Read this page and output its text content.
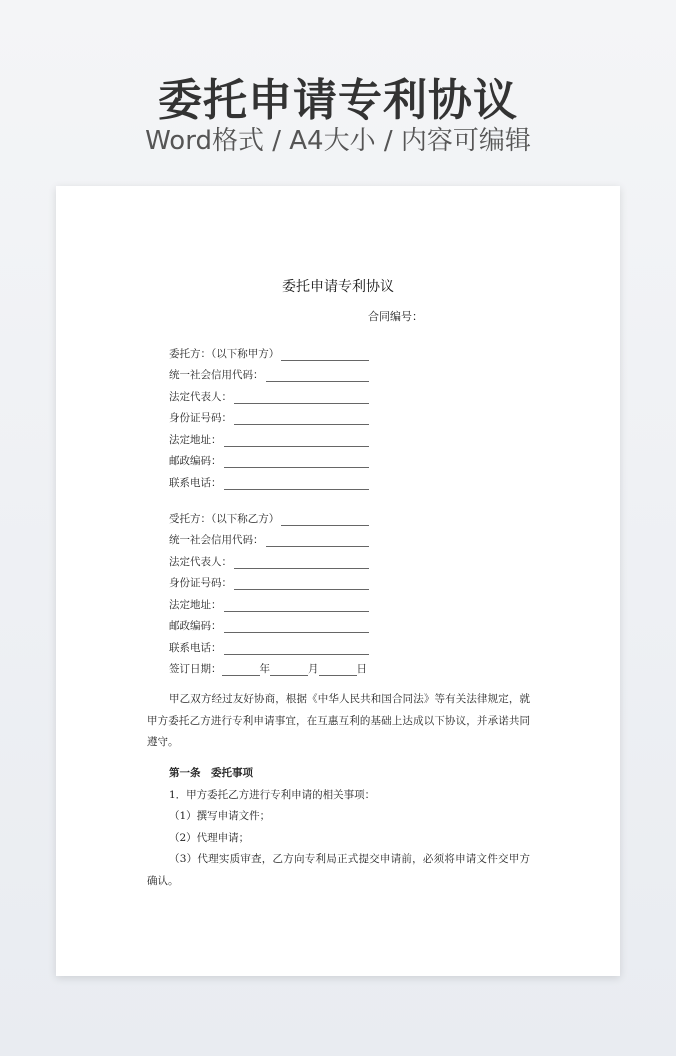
委托申请专利协议
Word格式 / A4大小 / 内容可编辑
委托申请专利协议
合同编号：
委托方：（以下称甲方）
统一社会信用代码：
法定代表人：
身份证号码：
法定地址：
邮政编码：
联系电话：
受托方：（以下称乙方）
统一社会信用代码：
法定代表人：
身份证号码：
法定地址：
邮政编码：
联系电话：
签订日期：	年	月	日
甲乙双方经过友好协商，根据《中华人民共和国合同法》等有关法律规定，就甲方委托乙方进行专利申请事宜，在互惠互利的基础上达成以下协议，并承诺共同遵守。
第一条　委托事项
1．甲方委托乙方进行专利申请的相关事项：
（1）撰写申请文件；
（2）代理申请；
（3）代理实质审查，乙方向专利局正式提交申请前，必须将申请文件交甲方确认。
